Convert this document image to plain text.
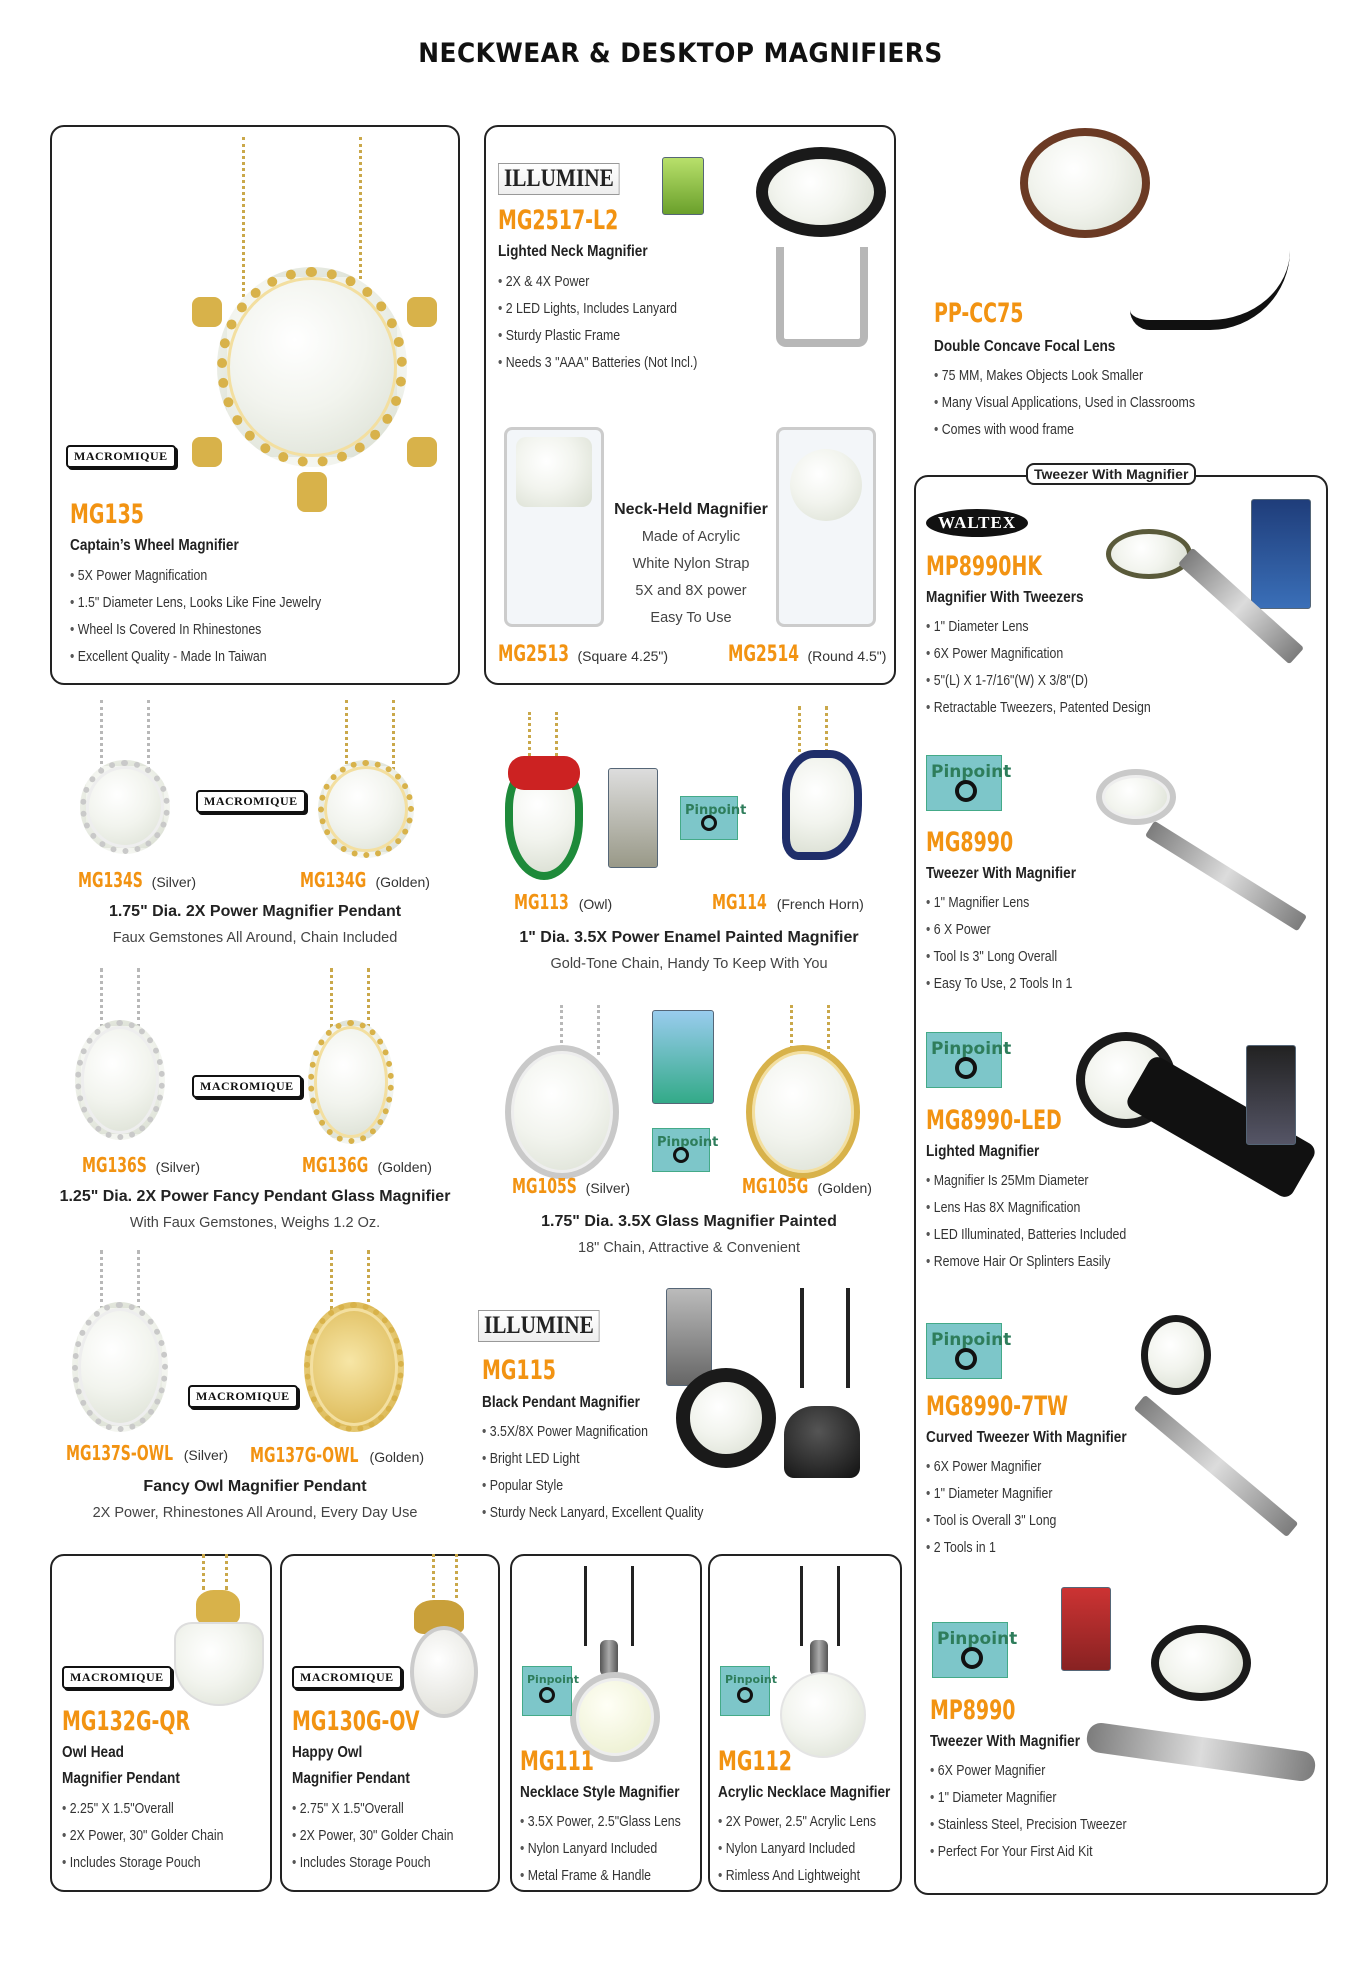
NECKWEAR & DESKTOP MAGNIFIERS
MACROMIQUE
MG135
Captain’s Wheel Magnifier
• 5X Power Magnification
• 1.5" Diameter Lens, Looks Like Fine Jewelry
• Wheel Is Covered In Rhinestones
• Excellent Quality - Made In Taiwan
ILLUMINE
MG2517-L2
Lighted Neck Magnifier
• 2X & 4X Power
• 2 LED Lights, Includes Lanyard
• Sturdy Plastic Frame
• Needs 3 "AAA" Batteries (Not Incl.)
Neck-Held Magnifier
Made of Acrylic
White Nylon Strap
5X and 8X power
Easy To Use
MG2513 (Square 4.25")	MG2514 (Round 4.5")
PP-CC75
Double Concave Focal Lens
• 75 MM, Makes Objects Look Smaller
• Many Visual Applications, Used in Classrooms
• Comes with wood frame
Tweezer With Magnifier
WALTEX
MP8990HK
Magnifier With Tweezers
• 1" Diameter Lens
• 6X Power Magnification
• 5"(L) X 1-7/16"(W) X 3/8"(D)
• Retractable Tweezers, Patented Design
Pinpoint
MG8990
Tweezer With Magnifier
• 1" Magnifier Lens
• 6 X Power
• Tool Is 3" Long Overall
• Easy To Use, 2 Tools In 1
Pinpoint
MG8990-LED
Lighted Magnifier
• Magnifier Is 25Mm Diameter
• Lens Has 8X Magnification
• LED Illuminated, Batteries Included
• Remove Hair Or Splinters Easily
Pinpoint
MG8990-7TW
Curved Tweezer With Magnifier
• 6X Power Magnifier
• 1" Diameter Magnifier
• Tool is Overall 3" Long
• 2 Tools in 1
Pinpoint
MP8990
Tweezer With Magnifier
• 6X Power Magnifier
• 1" Diameter Magnifier
• Stainless Steel, Precision Tweezer
• Perfect For Your First Aid Kit
MACROMIQUE
MG134S (Silver)	MG134G (Golden)
1.75" Dia. 2X Power Magnifier Pendant
Faux Gemstones All Around, Chain Included
MACROMIQUE
MG136S (Silver)	MG136G (Golden)
1.25" Dia. 2X Power Fancy Pendant Glass Magnifier
With Faux Gemstones, Weighs 1.2 Oz.
MACROMIQUE
MG137S-OWL (Silver) MG137G-OWL (Golden)
Fancy Owl Magnifier Pendant
2X Power, Rhinestones All Around, Every Day Use
Pinpoint
MG113 (Owl)	MG114 (French Horn)
1" Dia. 3.5X Power Enamel Painted Magnifier
Gold-Tone Chain, Handy To Keep With You
Pinpoint
MG105S (Silver)	MG105G (Golden)
1.75" Dia. 3.5X Glass Magnifier Painted
18" Chain, Attractive & Convenient
ILLUMINE
MG115
Black Pendant Magnifier
• 3.5X/8X Power Magnification
• Bright LED Light
• Popular Style
• Sturdy Neck Lanyard, Excellent Quality
MACROMIQUE
MG132G-QR
Owl Head
Magnifier Pendant
• 2.25" X 1.5"Overall
• 2X Power, 30" Golder Chain
• Includes Storage Pouch
MACROMIQUE
MG130G-OV
Happy Owl
Magnifier Pendant
• 2.75" X 1.5"Overall
• 2X Power, 30" Golder Chain
• Includes Storage Pouch
Pinpoint
MG111
Necklace Style Magnifier
• 3.5X Power, 2.5"Glass Lens
• Nylon Lanyard Included
• Metal Frame & Handle
Pinpoint
MG112
Acrylic Necklace Magnifier
• 2X Power, 2.5" Acrylic Lens
• Nylon Lanyard Included
• Rimless And Lightweight
